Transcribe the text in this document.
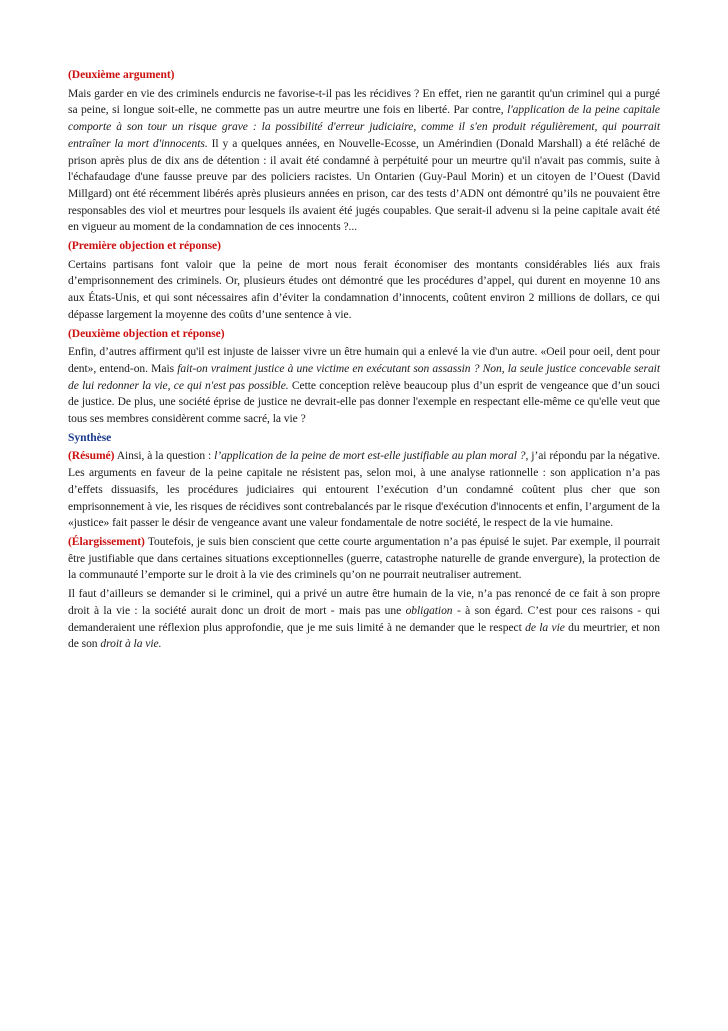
(Deuxième argument)

Mais garder en vie des criminels endurcis ne favorise-t-il pas les récidives ? En effet, rien ne garantit qu'un criminel qui a purgé sa peine, si longue soit-elle, ne commette pas un autre meurtre une fois en liberté. Par contre, l'application de la peine capitale comporte à son tour un risque grave : la possibilité d'erreur judiciaire, comme il s'en produit régulièrement, qui pourrait entraîner la mort d'innocents. Il y a quelques années, en Nouvelle-Ecosse, un Amérindien (Donald Marshall) a été relâché de prison après plus de dix ans de détention : il avait été condamné à perpétuité pour un meurtre qu'il n'avait pas commis, suite à l'échafaudage d'une fausse preuve par des policiers racistes. Un Ontarien (Guy-Paul Morin) et un citoyen de l’Ouest (David Millgard) ont été récemment libérés après plusieurs années en prison, car des tests d’ADN ont démontré qu’ils ne pouvaient être responsables des viol et meurtres pour lesquels ils avaient été jugés coupables. Que serait-il advenu si la peine capitale avait été en vigueur au moment de la condamnation de ces innocents ?...

(Première objection et réponse)

Certains partisans font valoir que la peine de mort nous ferait économiser des montants considérables liés aux frais d’emprisonnement des criminels. Or, plusieurs études ont démontré que les procédures d’appel, qui durent en moyenne 10 ans aux États-Unis, et qui sont nécessaires afin d’éviter la condamnation d’innocents, coûtent environ 2 millions de dollars, ce qui dépasse largement la moyenne des coûts d’une sentence à vie.

(Deuxième objection et réponse)

Enfin, d’autres affirment qu'il est injuste de laisser vivre un être humain qui a enlevé la vie d'un autre. «Oeil pour oeil, dent pour dent», entend-on. Mais fait-on vraiment justice à une victime en exécutant son assassin ? Non, la seule justice concevable serait de lui redonner la vie, ce qui n'est pas possible. Cette conception relève beaucoup plus d’un esprit de vengeance que d’un souci de justice. De plus, une société éprise de justice ne devrait-elle pas donner l'exemple en respectant elle-même ce qu'elle veut que tous ses membres considèrent comme sacré, la vie ?

Synthèse

(Résumé) Ainsi, à la question : l’application de la peine de mort est-elle justifiable au plan moral ?, j’ai répondu par la négative. Les arguments en faveur de la peine capitale ne résistent pas, selon moi, à une analyse rationnelle : son application n’a pas d’effets dissuasifs, les procédures judiciaires qui entourent l’exécution d’un condamné coûtent plus cher que son emprisonnement à vie, les risques de récidives sont contrebalancés par le risque d'exécution d'innocents et enfin, l’argument de la «justice» fait passer le désir de vengeance avant une valeur fondamentale de notre société, le respect de la vie humaine.

(Élargissement) Toutefois, je suis bien conscient que cette courte argumentation n’a pas épuisé le sujet. Par exemple, il pourrait être justifiable que dans certaines situations exceptionnelles (guerre, catastrophe naturelle de grande envergure), la protection de la communauté l’emporte sur le droit à la vie des criminels qu’on ne pourrait neutraliser autrement.

Il faut d’ailleurs se demander si le criminel, qui a privé un autre être humain de la vie, n’a pas renoncé de ce fait à son propre droit à la vie : la société aurait donc un droit de mort - mais pas une obligation - à son égard. C’est pour ces raisons - qui demanderaient une réflexion plus approfondie, que je me suis limité à ne demander que le respect de la vie du meurtrier, et non de son droit à la vie.
